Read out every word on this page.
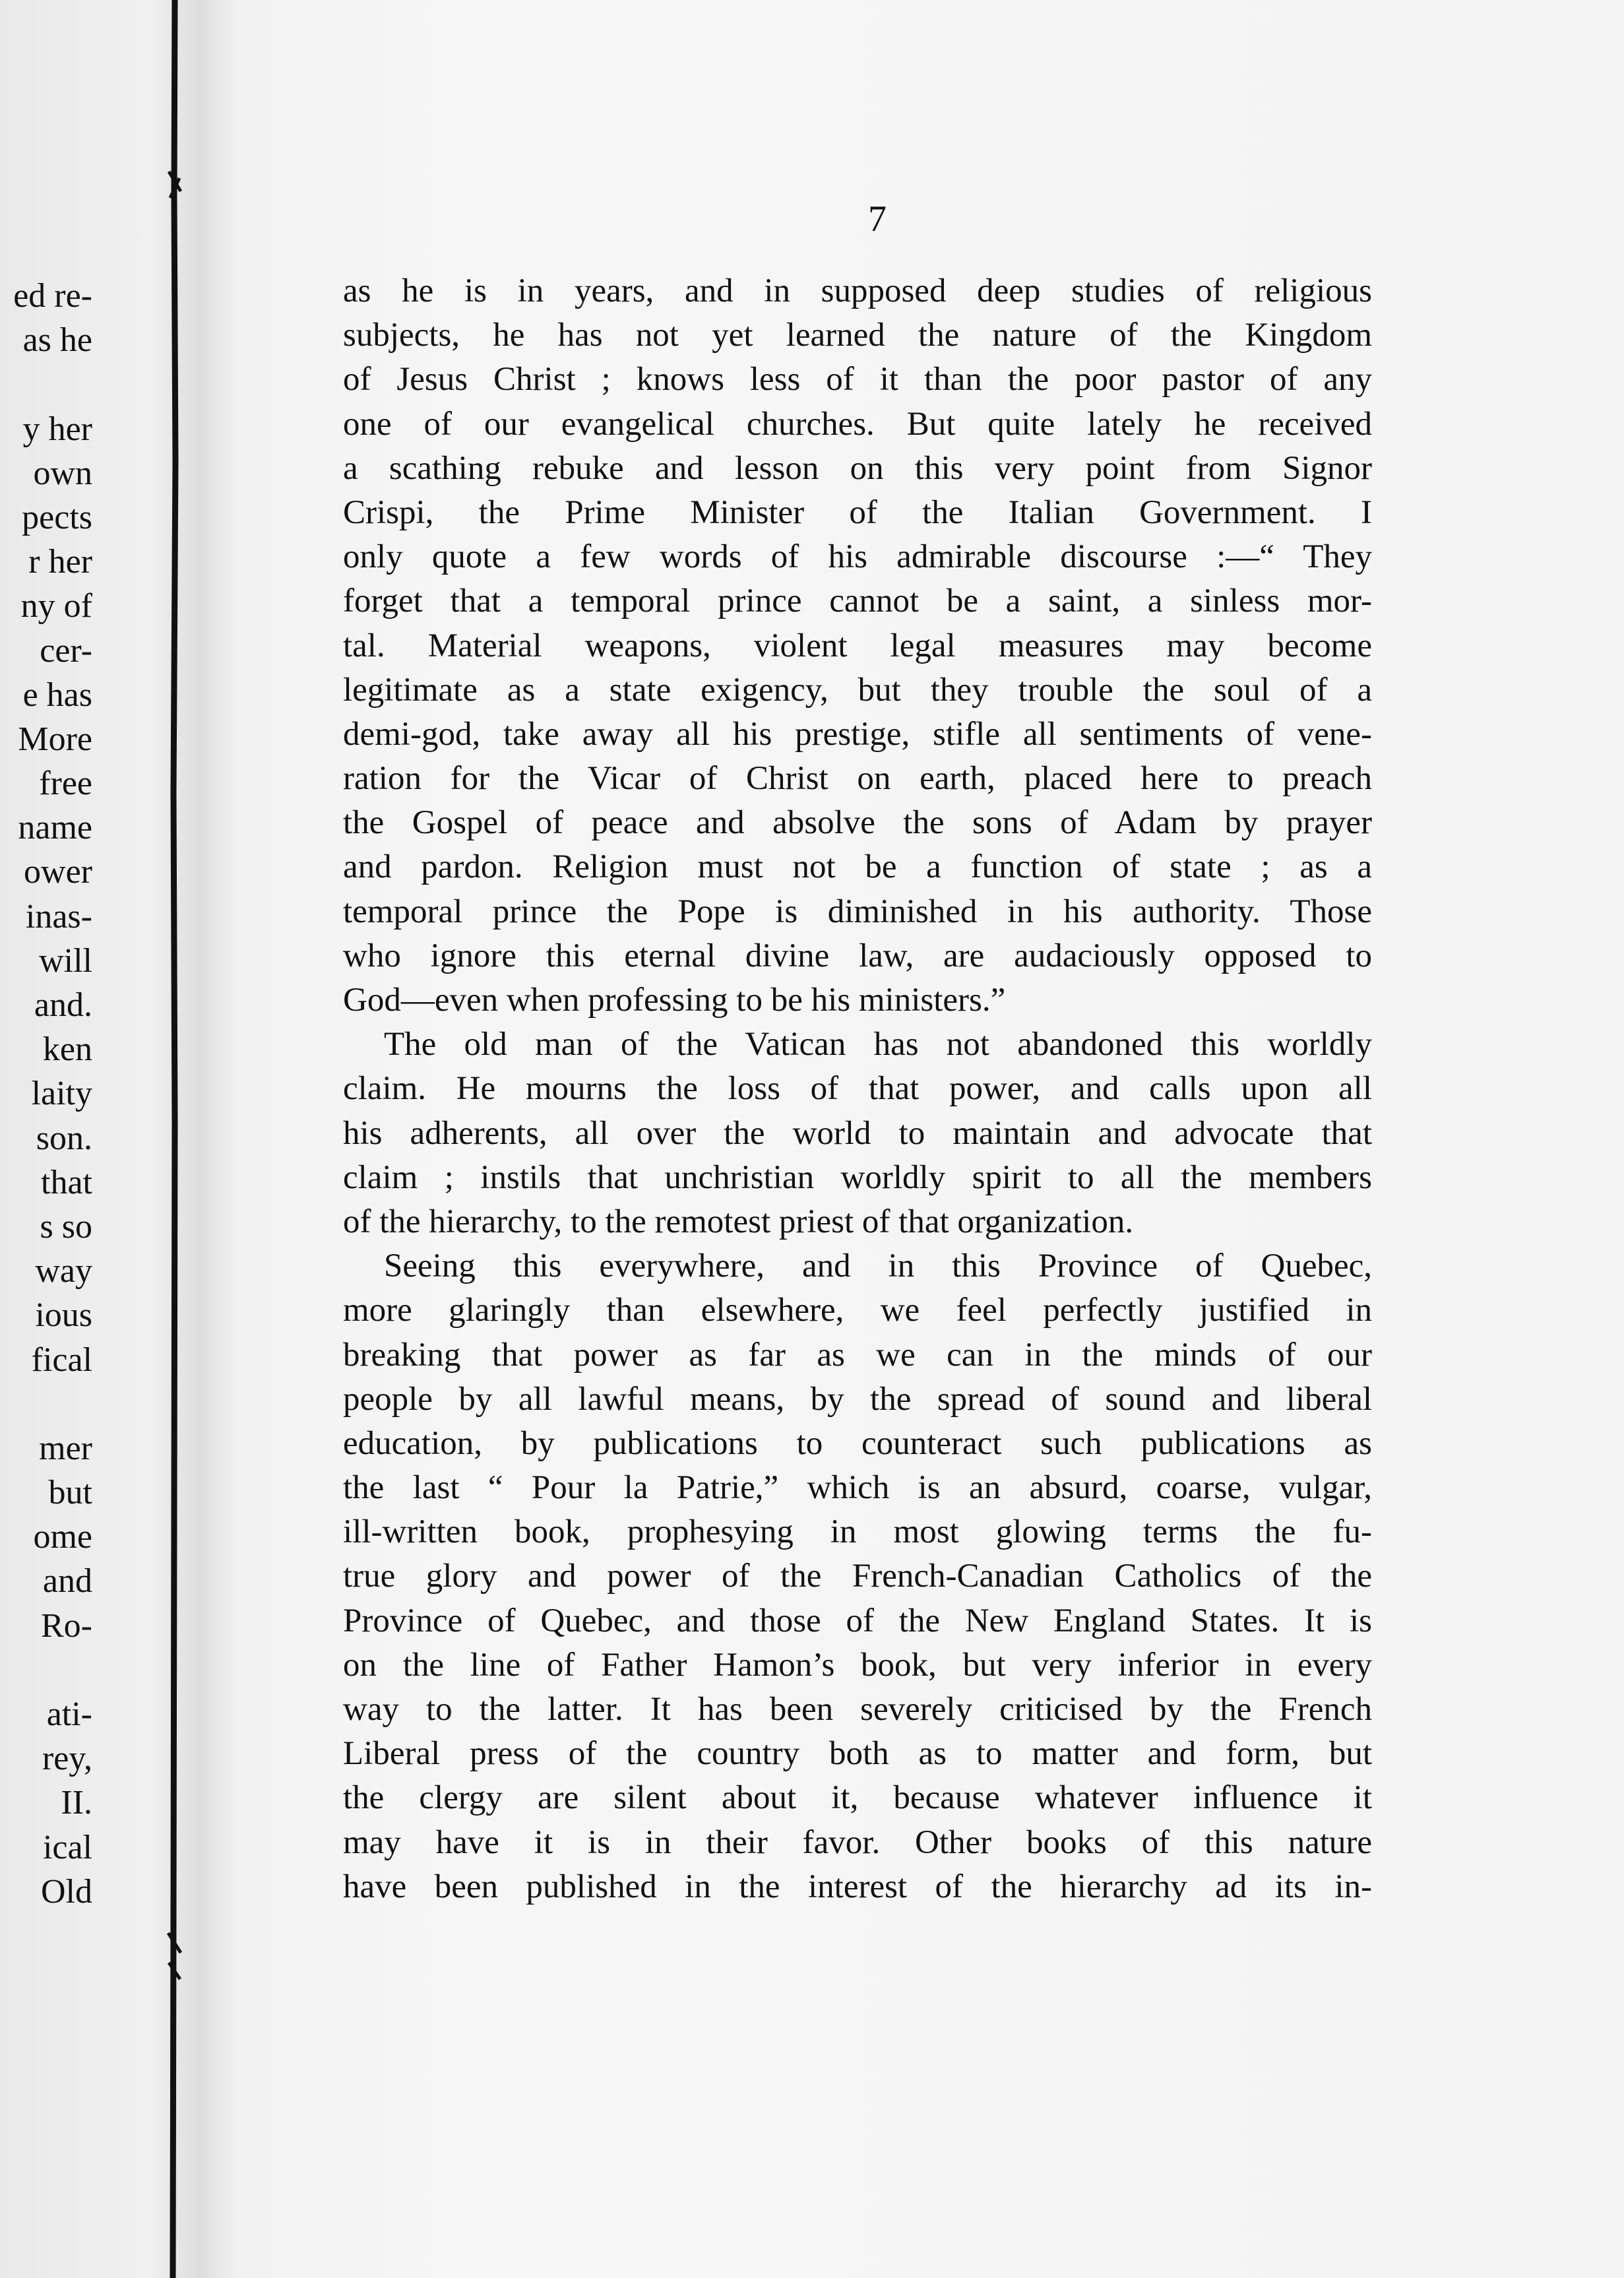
ed re-
as he
y her
own
pects
r her
ny of
cer-
e has
More
free
name
ower
inas-
will
and.
ken
laity
son.
that
s so
way
ious
fical
mer
but
ome
and
Ro-
ati-
rey,
II.
ical
Old
7
as he is in years, and in supposed deep studies of religious
subjects, he has not yet learned the nature of the Kingdom
of Jesus Christ ; knows less of it than the poor pastor of any
one of our evangelical churches. But quite lately he received
a scathing rebuke and lesson on this very point from Signor
Crispi, the Prime Minister of the Italian Government. I
only quote a few words of his admirable discourse :—“ They
forget that a temporal prince cannot be a saint, a sinless mor-
tal. Material weapons, violent legal measures may become
legitimate as a state exigency, but they trouble the soul of a
demi-god, take away all his prestige, stifle all sentiments of vene-
ration for the Vicar of Christ on earth, placed here to preach
the Gospel of peace and absolve the sons of Adam by prayer
and pardon. Religion must not be a function of state ; as a
temporal prince the Pope is diminished in his authority. Those
who ignore this eternal divine law, are audaciously opposed to
God—even when professing to be his ministers.”
The old man of the Vatican has not abandoned this worldly
claim. He mourns the loss of that power, and calls upon all
his adherents, all over the world to maintain and advocate that
claim ; instils that unchristian worldly spirit to all the members
of the hierarchy, to the remotest priest of that organization.
Seeing this everywhere, and in this Province of Quebec,
more glaringly than elsewhere, we feel perfectly justified in
breaking that power as far as we can in the minds of our
people by all lawful means, by the spread of sound and liberal
education, by publications to counteract such publications as
the last “ Pour la Patrie,” which is an absurd, coarse, vulgar,
ill-written book, prophesying in most glowing terms the fu-
true glory and power of the French-Canadian Catholics of the
Province of Quebec, and those of the New England States. It is
on the line of Father Hamon’s book, but very inferior in every
way to the latter. It has been severely criticised by the French
Liberal press of the country both as to matter and form, but
the clergy are silent about it, because whatever influence it
may have it is in their favor. Other books of this nature
have been published in the interest of the hierarchy ad its in-
